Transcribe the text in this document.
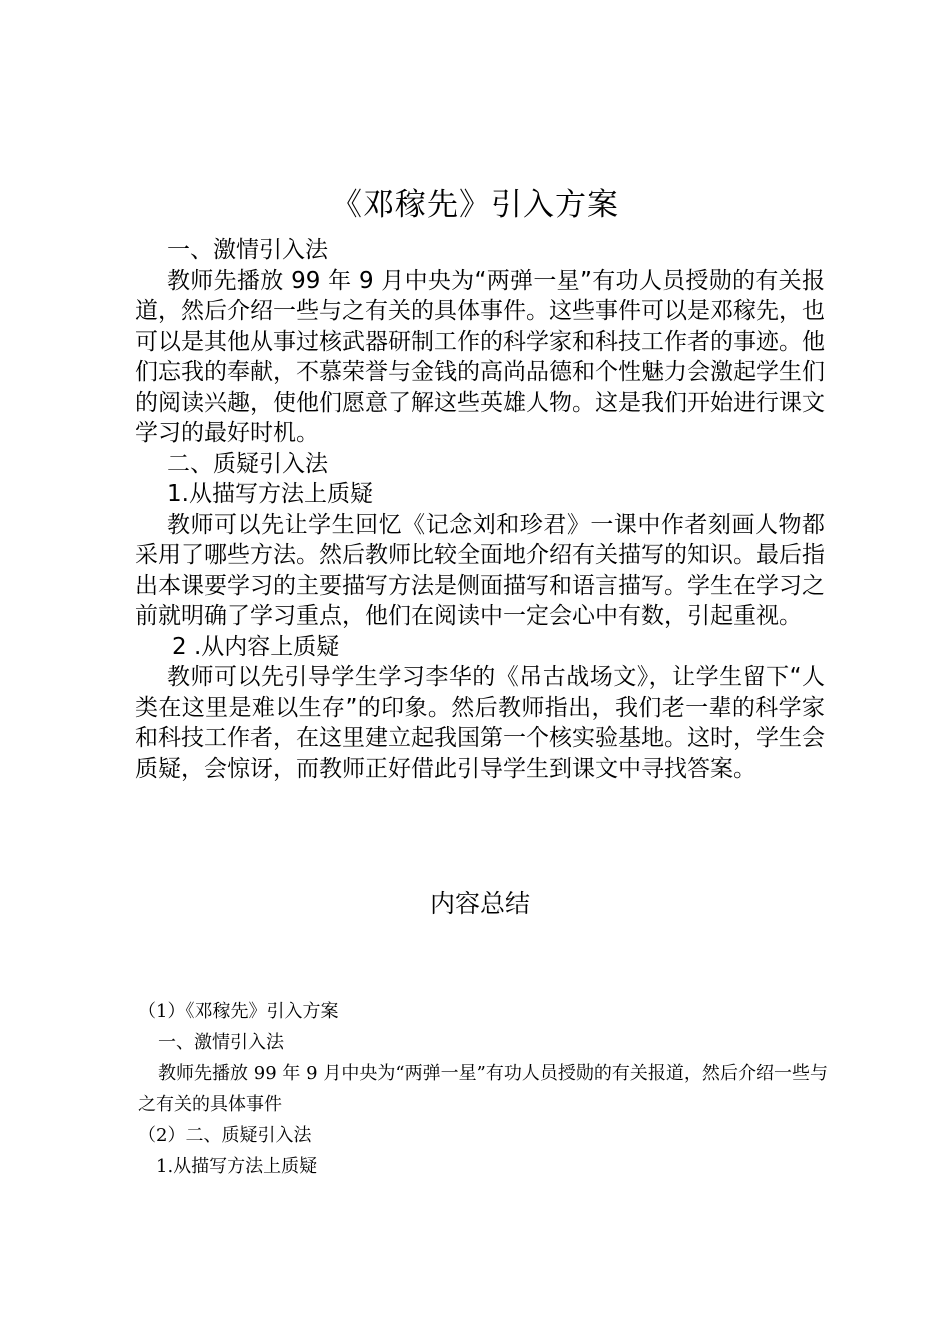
《邓稼先》引入方案

一、激情引入法

教师先播放 99 年 9 月中央为“两弹一星”有功人员授勋的有关报道，然后介绍一些与之有关的具体事件。这些事件可以是邓稼先，也可以是其他从事过核武器研制工作的科学家和科技工作者的事迹。他们忘我的奉献，不慕荣誉与金钱的高尚品德和个性魅力会激起学生们的阅读兴趣，使他们愿意了解这些英雄人物。这是我们开始进行课文学习的最好时机。

二、质疑引入法

1.从描写方法上质疑

教师可以先让学生回忆《记念刘和珍君》一课中作者刻画人物都采用了哪些方法。然后教师比较全面地介绍有关描写的知识。最后指出本课要学习的主要描写方法是侧面描写和语言描写。学生在学习之前就明确了学习重点，他们在阅读中一定会心中有数，引起重视。

2 .从内容上质疑

教师可以先引导学生学习李华的《吊古战场文》，让学生留下“人类在这里是难以生存”的印象。然后教师指出，我们老一辈的科学家和科技工作者，在这里建立起我国第一个核实验基地。这时，学生会质疑，会惊讶，而教师正好借此引导学生到课文中寻找答案。

内容总结

（1）《邓稼先》引入方案

一、激情引入法

教师先播放 99 年 9 月中央为“两弹一星”有功人员授勋的有关报道，然后介绍一些与之有关的具体事件

（2）二、质疑引入法

1.从描写方法上质疑
